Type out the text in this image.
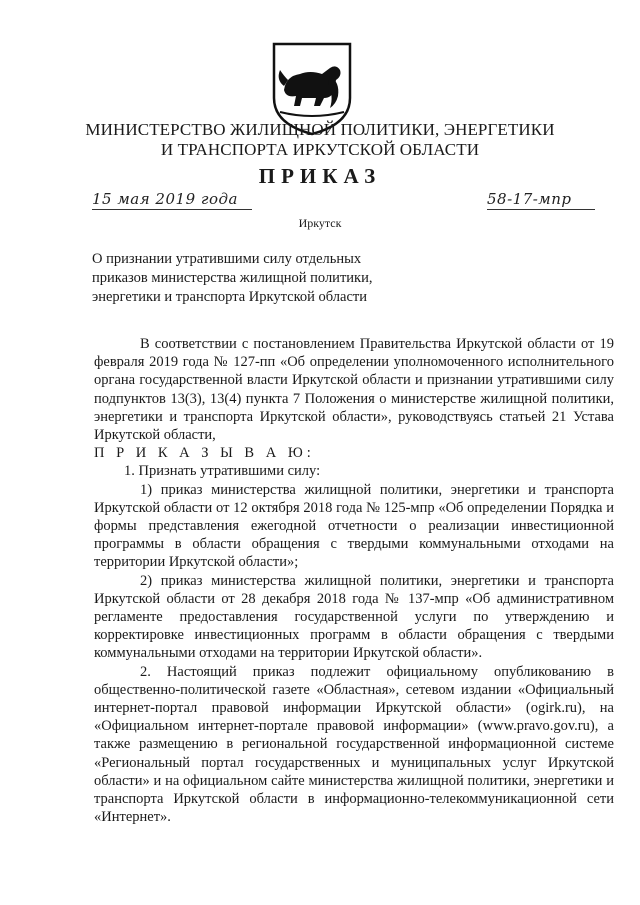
МИНИСТЕРСТВО ЖИЛИЩНОЙ ПОЛИТИКИ, ЭНЕРГЕТИКИ
И ТРАНСПОРТА ИРКУТСКОЙ ОБЛАСТИ
ПРИКАЗ
15 мая 2019 года	58-17-мпр
Иркутск
О признании утратившими силу отдельных
приказов министерства жилищной политики,
энергетики и транспорта Иркутской области

В соответствии с постановлением Правительства Иркутской области от 19 февраля 2019 года № 127-пп «Об определении уполномоченного исполнительного органа государственной власти Иркутской области и признании утратившими силу подпунктов 13(3), 13(4) пункта 7 Положения о министерстве жилищной политики, энергетики и транспорта Иркутской области», руководствуясь статьей 21 Устава Иркутской области,

П Р И К А З Ы В А Ю:

1. Признать утратившими силу:

1) приказ министерства жилищной политики, энергетики и транспорта Иркутской области от 12 октября 2018 года № 125-мпр «Об определении Порядка и формы представления ежегодной отчетности о реализации инвестиционной программы в области обращения с твердыми коммунальными отходами на территории Иркутской области»;

2) приказ министерства жилищной политики, энергетики и транспорта Иркутской области от 28 декабря 2018 года № 137-мпр «Об административном регламенте предоставления государственной услуги по утверждению и корректировке инвестиционных программ в области обращения с твердыми коммунальными отходами на территории Иркутской области».

2. Настоящий приказ подлежит официальному опубликованию в общественно-политической газете «Областная», сетевом издании «Официальный интернет-портал правовой информации Иркутской области» (ogirk.ru), на «Официальном интернет-портале правовой информации» (www.pravo.gov.ru), а также размещению в региональной государственной информационной системе «Региональный портал государственных и муниципальных услуг Иркутской области» и на официальном сайте министерства жилищной политики, энергетики и транспорта Иркутской области в информационно-телекоммуникационной сети «Интернет».
